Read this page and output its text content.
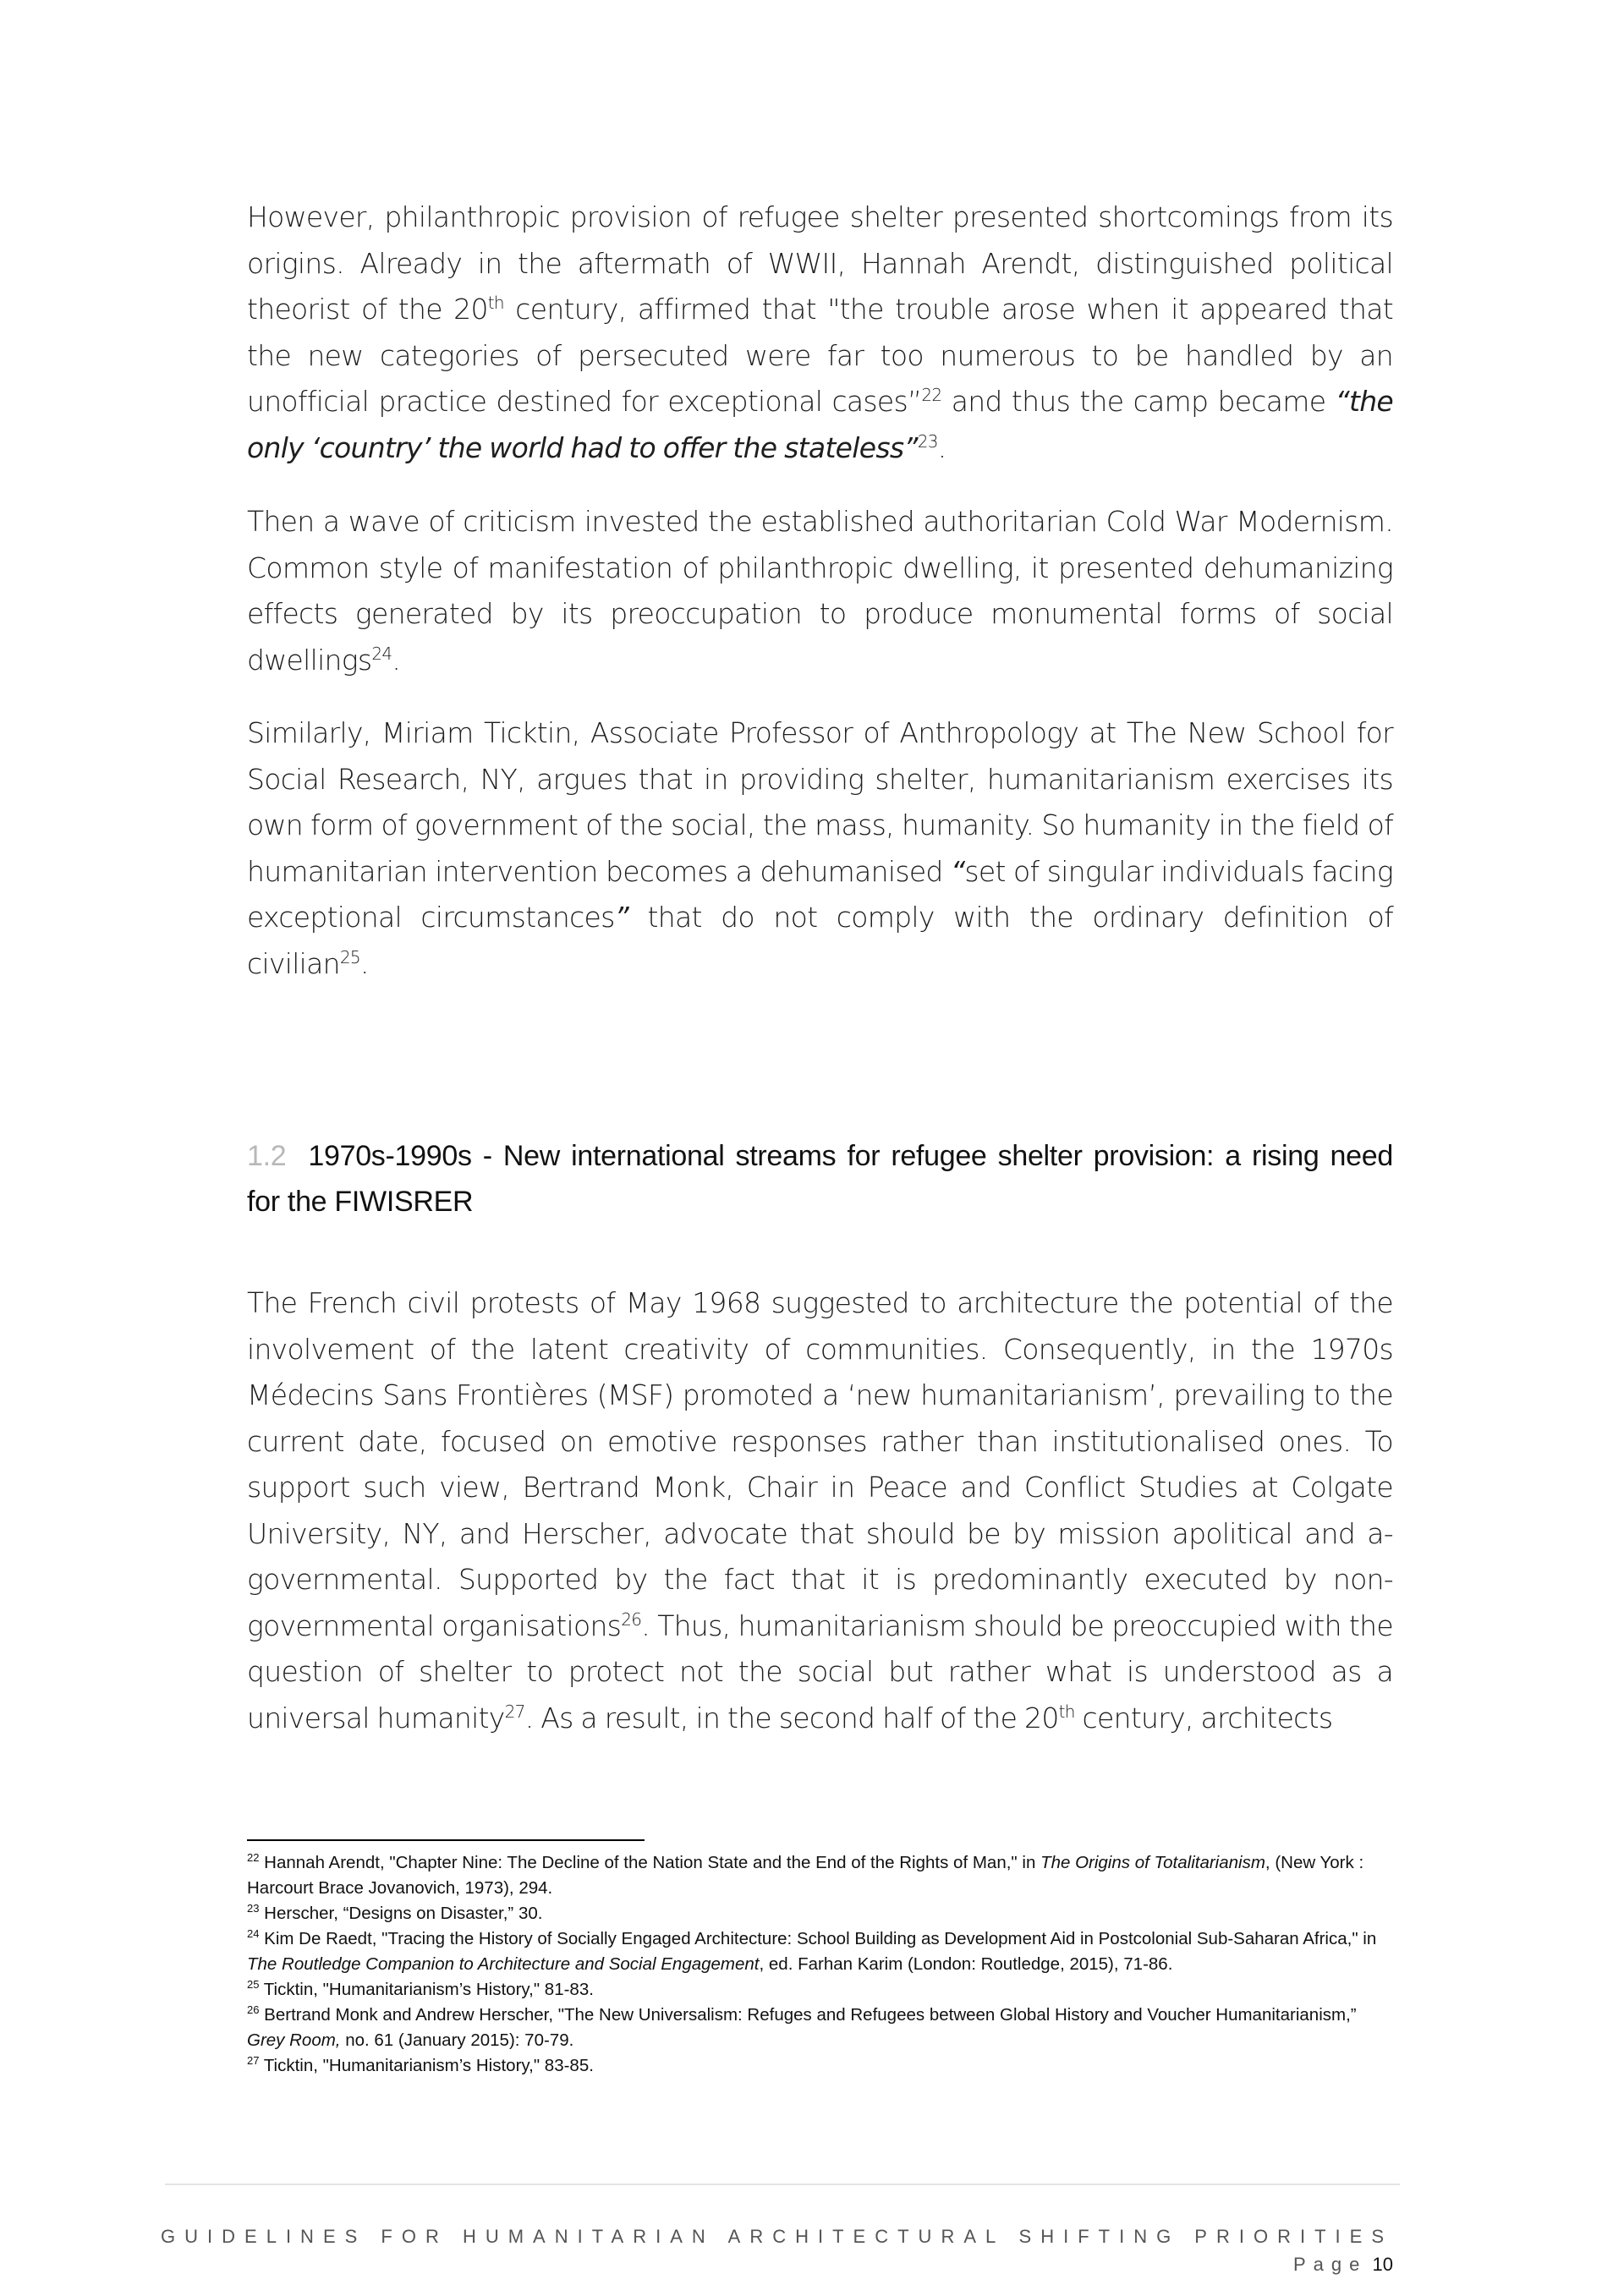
However, philanthropic provision of refugee shelter presented shortcomings from its origins. Already in the aftermath of WWII, Hannah Arendt, distinguished political theorist of the 20th century, affirmed that "the trouble arose when it appeared that the new categories of persecuted were far too numerous to be handled by an unofficial practice destined for exceptional cases”$^{22}$ and thus the camp became “the only ‘country’ the world had to offer the stateless”$^{23}$.

Then a wave of criticism invested the established authoritarian Cold War Modernism. Common style of manifestation of philanthropic dwelling, it presented dehumanizing effects generated by its preoccupation to produce monumental forms of social dwellings$^{24}$.

Similarly, Miriam Ticktin, Associate Professor of Anthropology at The New School for Social Research, NY, argues that in providing shelter, humanitarianism exercises its own form of government of the social, the mass, humanity. So humanity in the field of humanitarian intervention becomes a dehumanised “set of singular individuals facing exceptional circumstances” that do not comply with the ordinary definition of civilian$^{25}$.

1.2 1970s-1990s - New international streams for refugee shelter provision: a rising need for the FIWISRER

The French civil protests of May 1968 suggested to architecture the potential of the involvement of the latent creativity of communities. Consequently, in the 1970s Médecins Sans Frontières (MSF) promoted a ‘new humanitarianism’, prevailing to the current date, focused on emotive responses rather than institutionalised ones. To support such view, Bertrand Monk, Chair in Peace and Conflict Studies at Colgate University, NY, and Herscher, advocate that should be by mission apolitical and a-governmental. Supported by the fact that it is predominantly executed by non-governmental organisations$^{26}$. Thus, humanitarianism should be preoccupied with the question of shelter to protect not the social but rather what is understood as a universal humanity$^{27}$. As a result, in the second half of the 20th century, architects

$^{22}$ Hannah Arendt, "Chapter Nine: The Decline of the Nation State and the End of the Rights of Man," in The Origins of Totalitarianism, (New York : Harcourt Brace Jovanovich, 1973), 294.

$^{23}$ Herscher, “Designs on Disaster,” 30.

$^{24}$ Kim De Raedt, "Tracing the History of Socially Engaged Architecture: School Building as Development Aid in Postcolonial Sub-Saharan Africa," in The Routledge Companion to Architecture and Social Engagement, ed. Farhan Karim (London: Routledge, 2015), 71-86.

$^{25}$ Ticktin, "Humanitarianism’s History," 81-83.

$^{26}$ Bertrand Monk and Andrew Herscher, "The New Universalism: Refuges and Refugees between Global History and Voucher Humanitarianism,” Grey Room, no. 61 (January 2015): 70-79.

$^{27}$ Ticktin, "Humanitarianism’s History," 83-85.

GUIDELINES FOR HUMANITARIAN ARCHITECTURAL SHIFTING PRIORITIES
Page 10
